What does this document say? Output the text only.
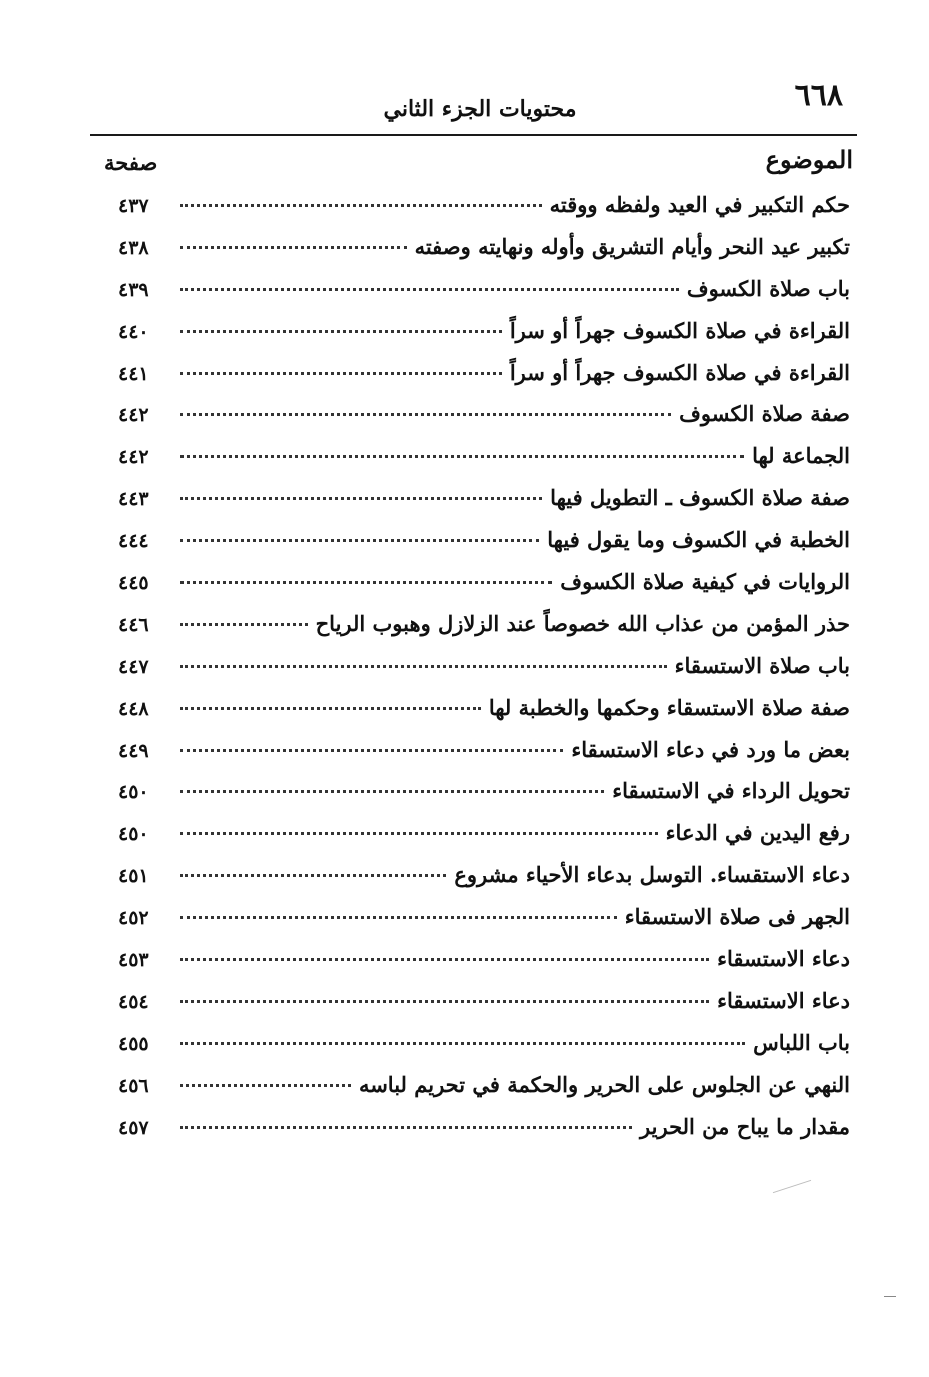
٦٦٨
محتويات الجزء الثاني
الموضوع
صفحة
حكم التكبير في العيد ولفظه ووقته
٤٣٧
تكبير عيد النحر وأيام التشريق وأوله ونهايته وصفته
٤٣٨
باب صلاة الكسوف
٤٣٩
القراءة في صلاة الكسوف جهراً أو سراً
٤٤٠
القراءة في صلاة الكسوف جهراً أو سراً
٤٤١
صفة صلاة الكسوف
٤٤٢
الجماعة لها
٤٤٢
صفة صلاة الكسوف ـ التطويل فيها
٤٤٣
الخطبة في الكسوف وما يقول فيها
٤٤٤
الروايات في كيفية صلاة الكسوف
٤٤٥
حذر المؤمن من عذاب الله خصوصاً عند الزلازل وهبوب الرياح
٤٤٦
باب صلاة الاستسقاء
٤٤٧
صفة صلاة الاستسقاء وحكمها والخطبة لها
٤٤٨
بعض ما ورد في دعاء الاستسقاء
٤٤٩
تحويل الرداء في الاستسقاء
٤٥٠
رفع اليدين في الدعاء
٤٥٠
دعاء الاستقساء. التوسل بدعاء الأحياء مشروع
٤٥١
الجهر فى صلاة الاستسقاء
٤٥٢
دعاء الاستسقاء
٤٥٣
دعاء الاستسقاء
٤٥٤
باب اللباس
٤٥٥
النهي عن الجلوس على الحرير والحكمة في تحريم لباسه
٤٥٦
مقدار ما يباح من الحرير
٤٥٧
